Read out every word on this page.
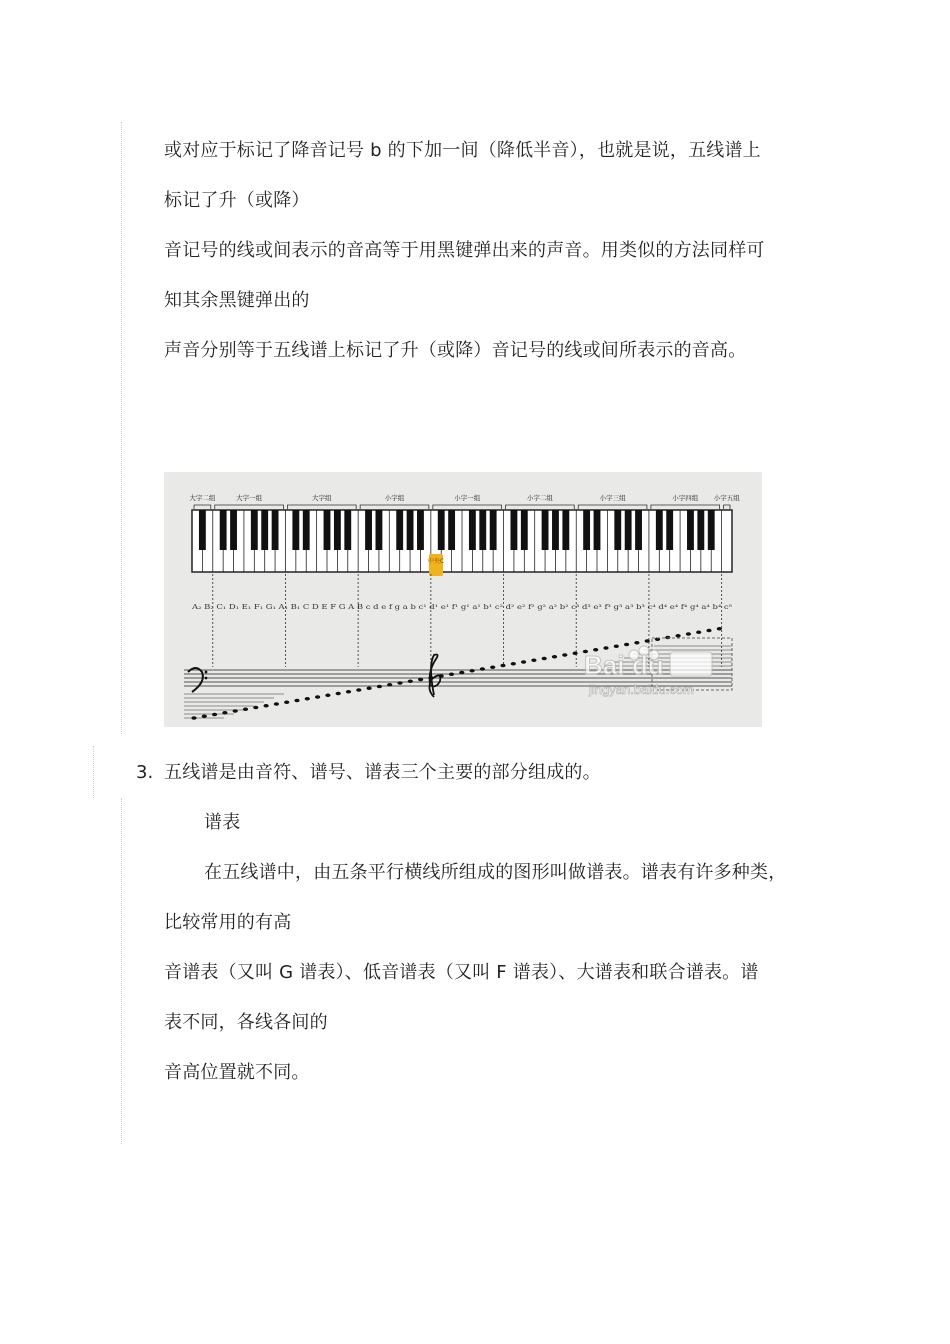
或对应于标记了降音记号 b 的下加一间（降低半音），也就是说，五线谱上
标记了升（或降）
音记号的线或间表示的音高等于用黑键弹出来的声音。用类似的方法同样可
知其余黑键弹出的
声音分别等于五线谱上标记了升（或降）音记号的线或间所表示的音高。
大字二组	大字一组	大字组	小字组	小字一组	小字二组	小字三组	小字四组 小字五组
中央C
A₂ B₂ C₁ D₁ E₁ F₁ G₁ A₁ B₁ C D E F G A B c d e f g a b c¹ d¹ e¹ f¹ g¹ a¹ b¹ c² d² e² f² g² a² b² c³ d³ e³ f³ g³ a³ b³ c⁴ d⁴ e⁴ f⁴ g⁴ a⁴ b⁴ c⁵
Bai du
jingyan.baidu.com
3. 五线谱是由音符、谱号、谱表三个主要的部分组成的。
谱表
在五线谱中，由五条平行横线所组成的图形叫做谱表。谱表有许多种类，
比较常用的有高
音谱表（又叫 G 谱表）、低音谱表（又叫 F 谱表）、大谱表和联合谱表。谱
表不同，各线各间的
音高位置就不同。
